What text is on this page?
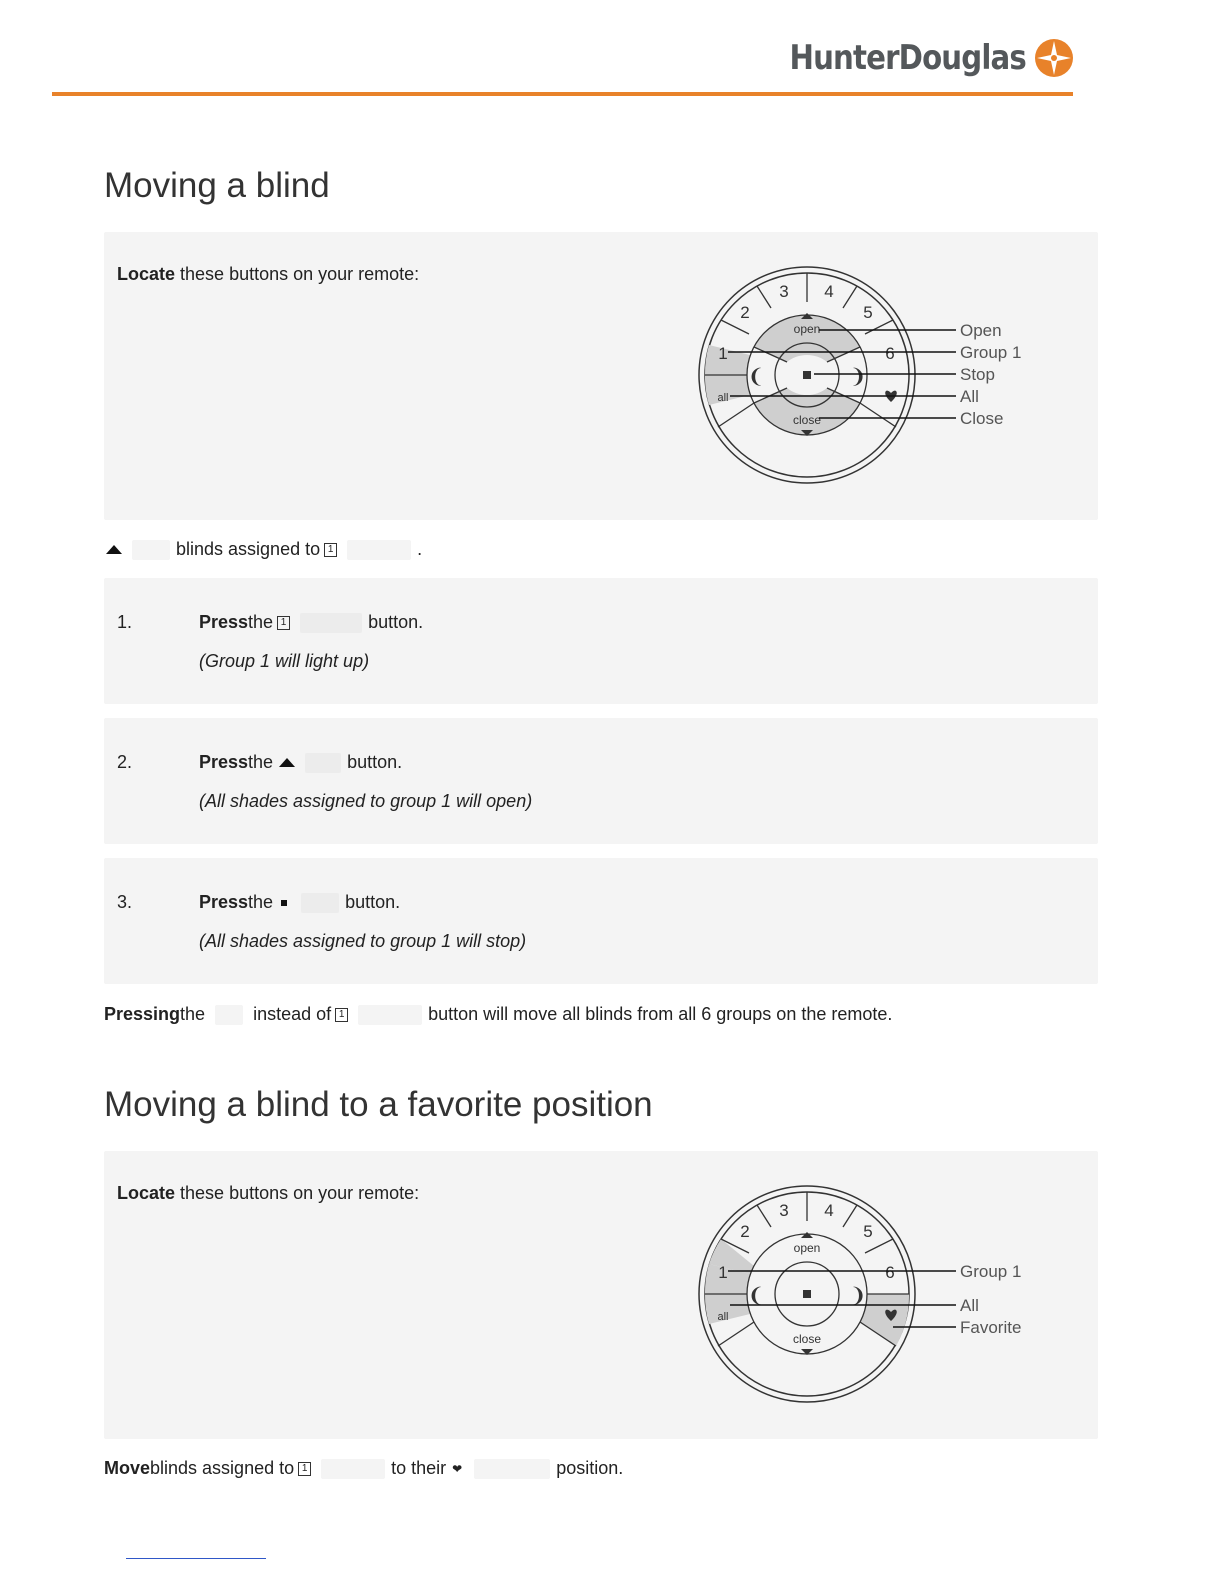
HunterDouglas
Moving a blind
Locate these buttons on your remote:
3 4
2	5
1	6
open
close
all
❨	❩
Open
Group 1
Stop
All
Close
blinds assigned to 1	.
1.	Press the 1	button.
(Group 1 will light up)
2.	Press the	button.
(All shades assigned to group 1 will open)
3.	Press the	button.
(All shades assigned to group 1 will stop)
Pressing the	instead of 1	button will move all blinds from all 6 groups on the remote.
Moving a blind to a favorite position
Locate these buttons on your remote:
3 4
2	5
1	6
open
close
all
❨	❩
Group 1
All
Favorite
Move blinds assigned to 1	to their ❤	position.
